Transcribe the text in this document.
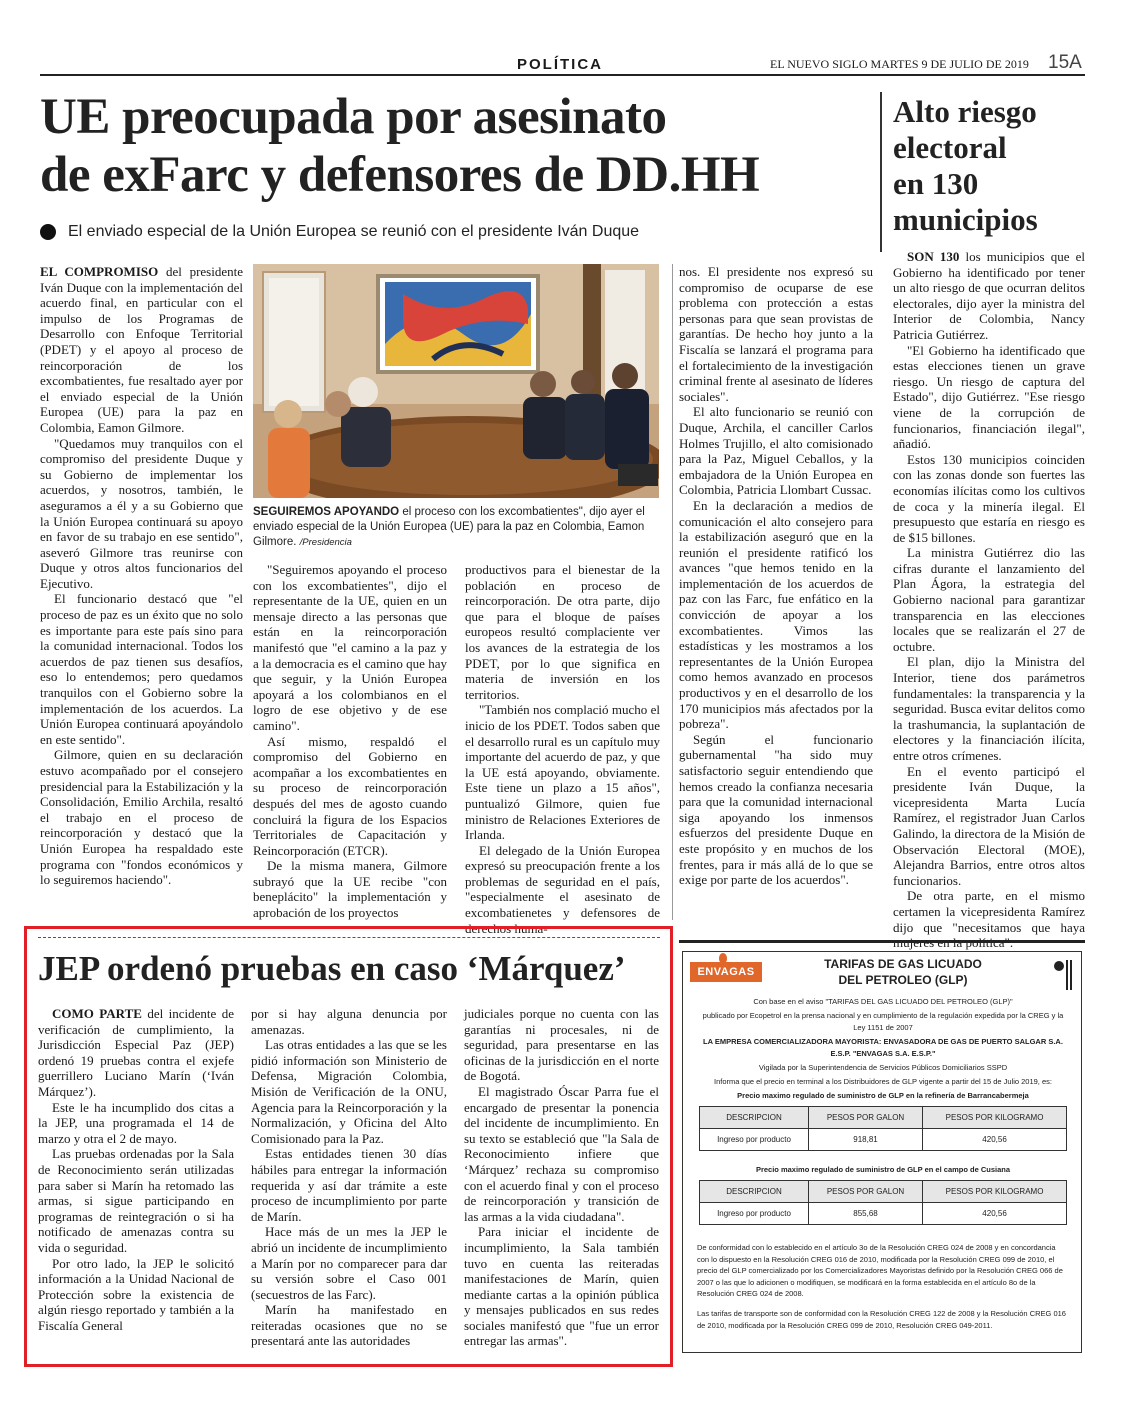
POLÍTICA	EL NUEVO SIGLO MARTES 9 DE JULIO DE 2019 15A
UE preocupada por asesinato
de exFarc y defensores de DD.HH
El enviado especial de la Unión Europea se reunió con el presidente Iván Duque

EL COMPROMISO del presidente Iván Duque con la implementación del acuerdo final, en particular con el impulso de los Programas de Desarrollo con Enfoque Territorial (PDET) y el apoyo al proceso de reincorporación de los excombatientes, fue resaltado ayer por el enviado especial de la Unión Europea (UE) para la paz en Colombia, Eamon Gilmore.

"Quedamos muy tranquilos con el compromiso del presidente Duque y su Gobierno de implementar los acuerdos, y nosotros, también, le aseguramos a él y a su Gobierno que la Unión Europea continuará su apoyo en favor de su trabajo en ese sentido", aseveró Gilmore tras reunirse con Duque y otros altos funcionarios del Ejecutivo.

El funcionario destacó que "el proceso de paz es un éxito que no solo es importante para este país sino para la comunidad internacional. Todos los acuerdos de paz tienen sus desafíos, eso lo entendemos; pero quedamos tranquilos con el Gobierno sobre la implementación de los acuerdos. La Unión Europea continuará apoyándolo en este sentido".

Gilmore, quien en su declaración estuvo acompañado por el consejero presidencial para la Estabilización y la Consolidación, Emilio Archila, resaltó el trabajo en el proceso de reincorporación y destacó que la Unión Europea ha respaldado este programa con "fondos económicos y lo seguiremos haciendo".

SEGUIREMOS APOYANDO el proceso con los excombatientes", dijo ayer el enviado especial de la Unión Europea (UE) para la paz en Colombia, Eamon Gilmore. /Presidencia

"Seguiremos apoyando el proceso con los excombatientes", dijo el representante de la UE, quien en un mensaje directo a las personas que están en la reincorporación manifestó que "el camino a la paz y a la democracia es el camino que hay que seguir, y la Unión Europea apoyará a los colombianos en el logro de ese objetivo y de ese camino".

Así mismo, respaldó el compromiso del Gobierno en acompañar a los excombatientes en su proceso de reincorporación después del mes de agosto cuando concluirá la figura de los Espacios Territoriales de Capacitación y Reincorporación (ETCR).

De la misma manera, Gilmore subrayó que la UE recibe "con beneplácito" la implementación y aprobación de los proyectos

productivos para el bienestar de la población en proceso de reincorporación. De otra parte, dijo que para el bloque de países europeos resultó complaciente ver los avances de la estrategia de los PDET, por lo que significa en materia de inversión en los territorios.

"También nos complació mucho el inicio de los PDET. Todos saben que el desarrollo rural es un capítulo muy importante del acuerdo de paz, y que la UE está apoyando, obviamente. Este tiene un plazo a 15 años", puntualizó Gilmore, quien fue ministro de Relaciones Exteriores de Irlanda.

El delegado de la Unión Europea expresó su preocupación frente a los problemas de seguridad en el país, "especialmente el asesinato de excombatienetes y defensores de derechos huma-

nos. El presidente nos expresó su compromiso de ocuparse de ese problema con protección a estas personas para que sean provistas de garantías. De hecho hoy junto a la Fiscalía se lanzará el programa para el fortalecimiento de la investigación criminal frente al asesinato de líderes sociales".

El alto funcionario se reunió con Duque, Archila, el canciller Carlos Holmes Trujillo, el alto comisionado para la Paz, Miguel Ceballos, y la embajadora de la Unión Europea en Colombia, Patricia Llombart Cussac.

En la declaración a medios de comunicación el alto consejero para la estabilización aseguró que en la reunión el presidente ratificó los avances "que hemos tenido en la implementación de los acuerdos de paz con las Farc, fue enfático en la convicción de apoyar a los excombatientes. Vimos las estadísticas y les mostramos a los representantes de la Unión Europea como hemos avanzado en procesos productivos y en el desarrollo de los 170 municipios más afectados por la pobreza".

Según el funcionario gubernamental "ha sido muy satisfactorio seguir entendiendo que hemos creado la confianza necesaria para que la comunidad internacional siga apoyando los inmensos esfuerzos del presidente Duque en este propósito y en muchos de los frentes, para ir más allá de lo que se exige por parte de los acuerdos".

Alto riesgo
electoral
en 130
municipios

SON 130 los municipios que el Gobierno ha identificado por tener un alto riesgo de que ocurran delitos electorales, dijo ayer la ministra del Interior de Colombia, Nancy Patricia Gutiérrez.

"El Gobierno ha identificado que estas elecciones tienen un grave riesgo. Un riesgo de captura del Estado", dijo Gutiérrez. "Ese riesgo viene de la corrupción de funcionarios, financiación ilegal", añadió.

Estos 130 municipios coinciden con las zonas donde son fuertes las economías ilícitas como los cultivos de coca y la minería ilegal. El presupuesto que estaría en riesgo es de $15 billones.

La ministra Gutiérrez dio las cifras durante el lanzamiento del Plan Ágora, la estrategia del Gobierno nacional para garantizar transparencia en las elecciones locales que se realizarán el 27 de octubre.

El plan, dijo la Ministra del Interior, tiene dos parámetros fundamentales: la transparencia y la seguridad. Busca evitar delitos como la trashumancia, la suplantación de electores y la financiación ilícita, entre otros crímenes.

En el evento participó el presidente Iván Duque, la vicepresidenta Marta Lucía Ramírez, el registrador Juan Carlos Galindo, la directora de la Misión de Observación Electoral (MOE), Alejandra Barrios, entre otros altos funcionarios.

De otra parte, en el mismo certamen la vicepresidenta Ramírez dijo que "necesitamos que haya mujeres en la política".

JEP ordenó pruebas en caso ‘Márquez’

COMO PARTE del incidente de verificación de cumplimiento, la Jurisdicción Especial Paz (JEP) ordenó 19 pruebas contra el exjefe guerrillero Luciano Marín (‘Iván Márquez’).

Este le ha incumplido dos citas a la JEP, una programada el 14 de marzo y otra el 2 de mayo.

Las pruebas ordenadas por la Sala de Reconocimiento serán utilizadas para saber si Marín ha retomado las armas, si sigue participando en programas de reintegración o si ha notificado de amenazas contra su vida o seguridad.

Por otro lado, la JEP le solicitó información a la Unidad Nacional de Protección sobre la existencia de algún riesgo reportado y también a la Fiscalía General

por si hay alguna denuncia por amenazas.

Las otras entidades a las que se les pidió información son Ministerio de Defensa, Migración Colombia, Misión de Verificación de la ONU, Agencia para la Reincorporación y la Normalización, y Oficina del Alto Comisionado para la Paz.

Estas entidades tienen 30 días hábiles para entregar la información requerida y así dar trámite a este proceso de incumplimiento por parte de Marín.

Hace más de un mes la JEP le abrió un incidente de incumplimiento a Marín por no comparecer para dar su versión sobre el Caso 001 (secuestros de las Farc).

Marín ha manifestado en reiteradas ocasiones que no se presentará ante las autoridades

judiciales porque no cuenta con las garantías ni procesales, ni de seguridad, para presentarse en las oficinas de la jurisdicción en el norte de Bogotá.

El magistrado Óscar Parra fue el encargado de presentar la ponencia del incidente de incumplimiento. En su texto se estableció que "la Sala de Reconocimiento infiere que ‘Márquez’ rechaza su compromiso con el acuerdo final y con el proceso de reincorporación y transición de las armas a la vida ciudadana".

Para iniciar el incidente de incumplimiento, la Sala también tuvo en cuenta las reiteradas manifestaciones de Marín, quien mediante cartas a la opinión pública y mensajes publicados en sus redes sociales manifestó que "fue un error entregar las armas".

ENVAGAS
TARIFAS DE GAS LICUADO
DEL PETROLEO (GLP)
Con base en el aviso "TARIFAS DEL GAS LICUADO DEL PETROLEO (GLP)"
publicado por Ecopetrol en la prensa nacional y en cumplimiento de la regulación expedida por la CREG y la Ley 1151 de 2007
LA EMPRESA COMERCIALIZADORA MAYORISTA: ENVASADORA DE GAS DE PUERTO SALGAR S.A. E.S.P. "ENVAGAS S.A. E.S.P."
Vigilada por la Superintendencia de Servicios Públicos Domiciliarios SSPD
Informa que el precio en terminal a los Distribuidores de GLP vigente a partir del 15 de Julio 2019, es:
Precio maximo regulado de suministro de GLP en la refinería de Barrancabermeja
DESCRIPCION	PESOS POR GALON	PESOS POR KILOGRAMO
Ingreso por producto	918,81	420,56
Precio maximo regulado de suministro de GLP en el campo de Cusiana
DESCRIPCION	PESOS POR GALON	PESOS POR KILOGRAMO
Ingreso por producto	855,68	420,56
De conformidad con lo establecido en el artículo 3o de la Resolución CREG 024 de 2008 y en concordancia con lo dispuesto en la Resolución CREG 016 de 2010, modificada por la Resolución CREG 099 de 2010, el precio del GLP comercializado por los Comercializadores Mayoristas definido por la Resolución CREG 066 de 2007 o las que lo adicionen o modifiquen, se modificará en la forma establecida en el artículo 8o de la Resolución CREG 024 de 2008.
Las tarifas de transporte son de conformidad con la Resolución CREG 122 de 2008 y la Resolución CREG 016 de 2010, modificada por la Resolución CREG 099 de 2010, Resolución CREG 049-2011.
